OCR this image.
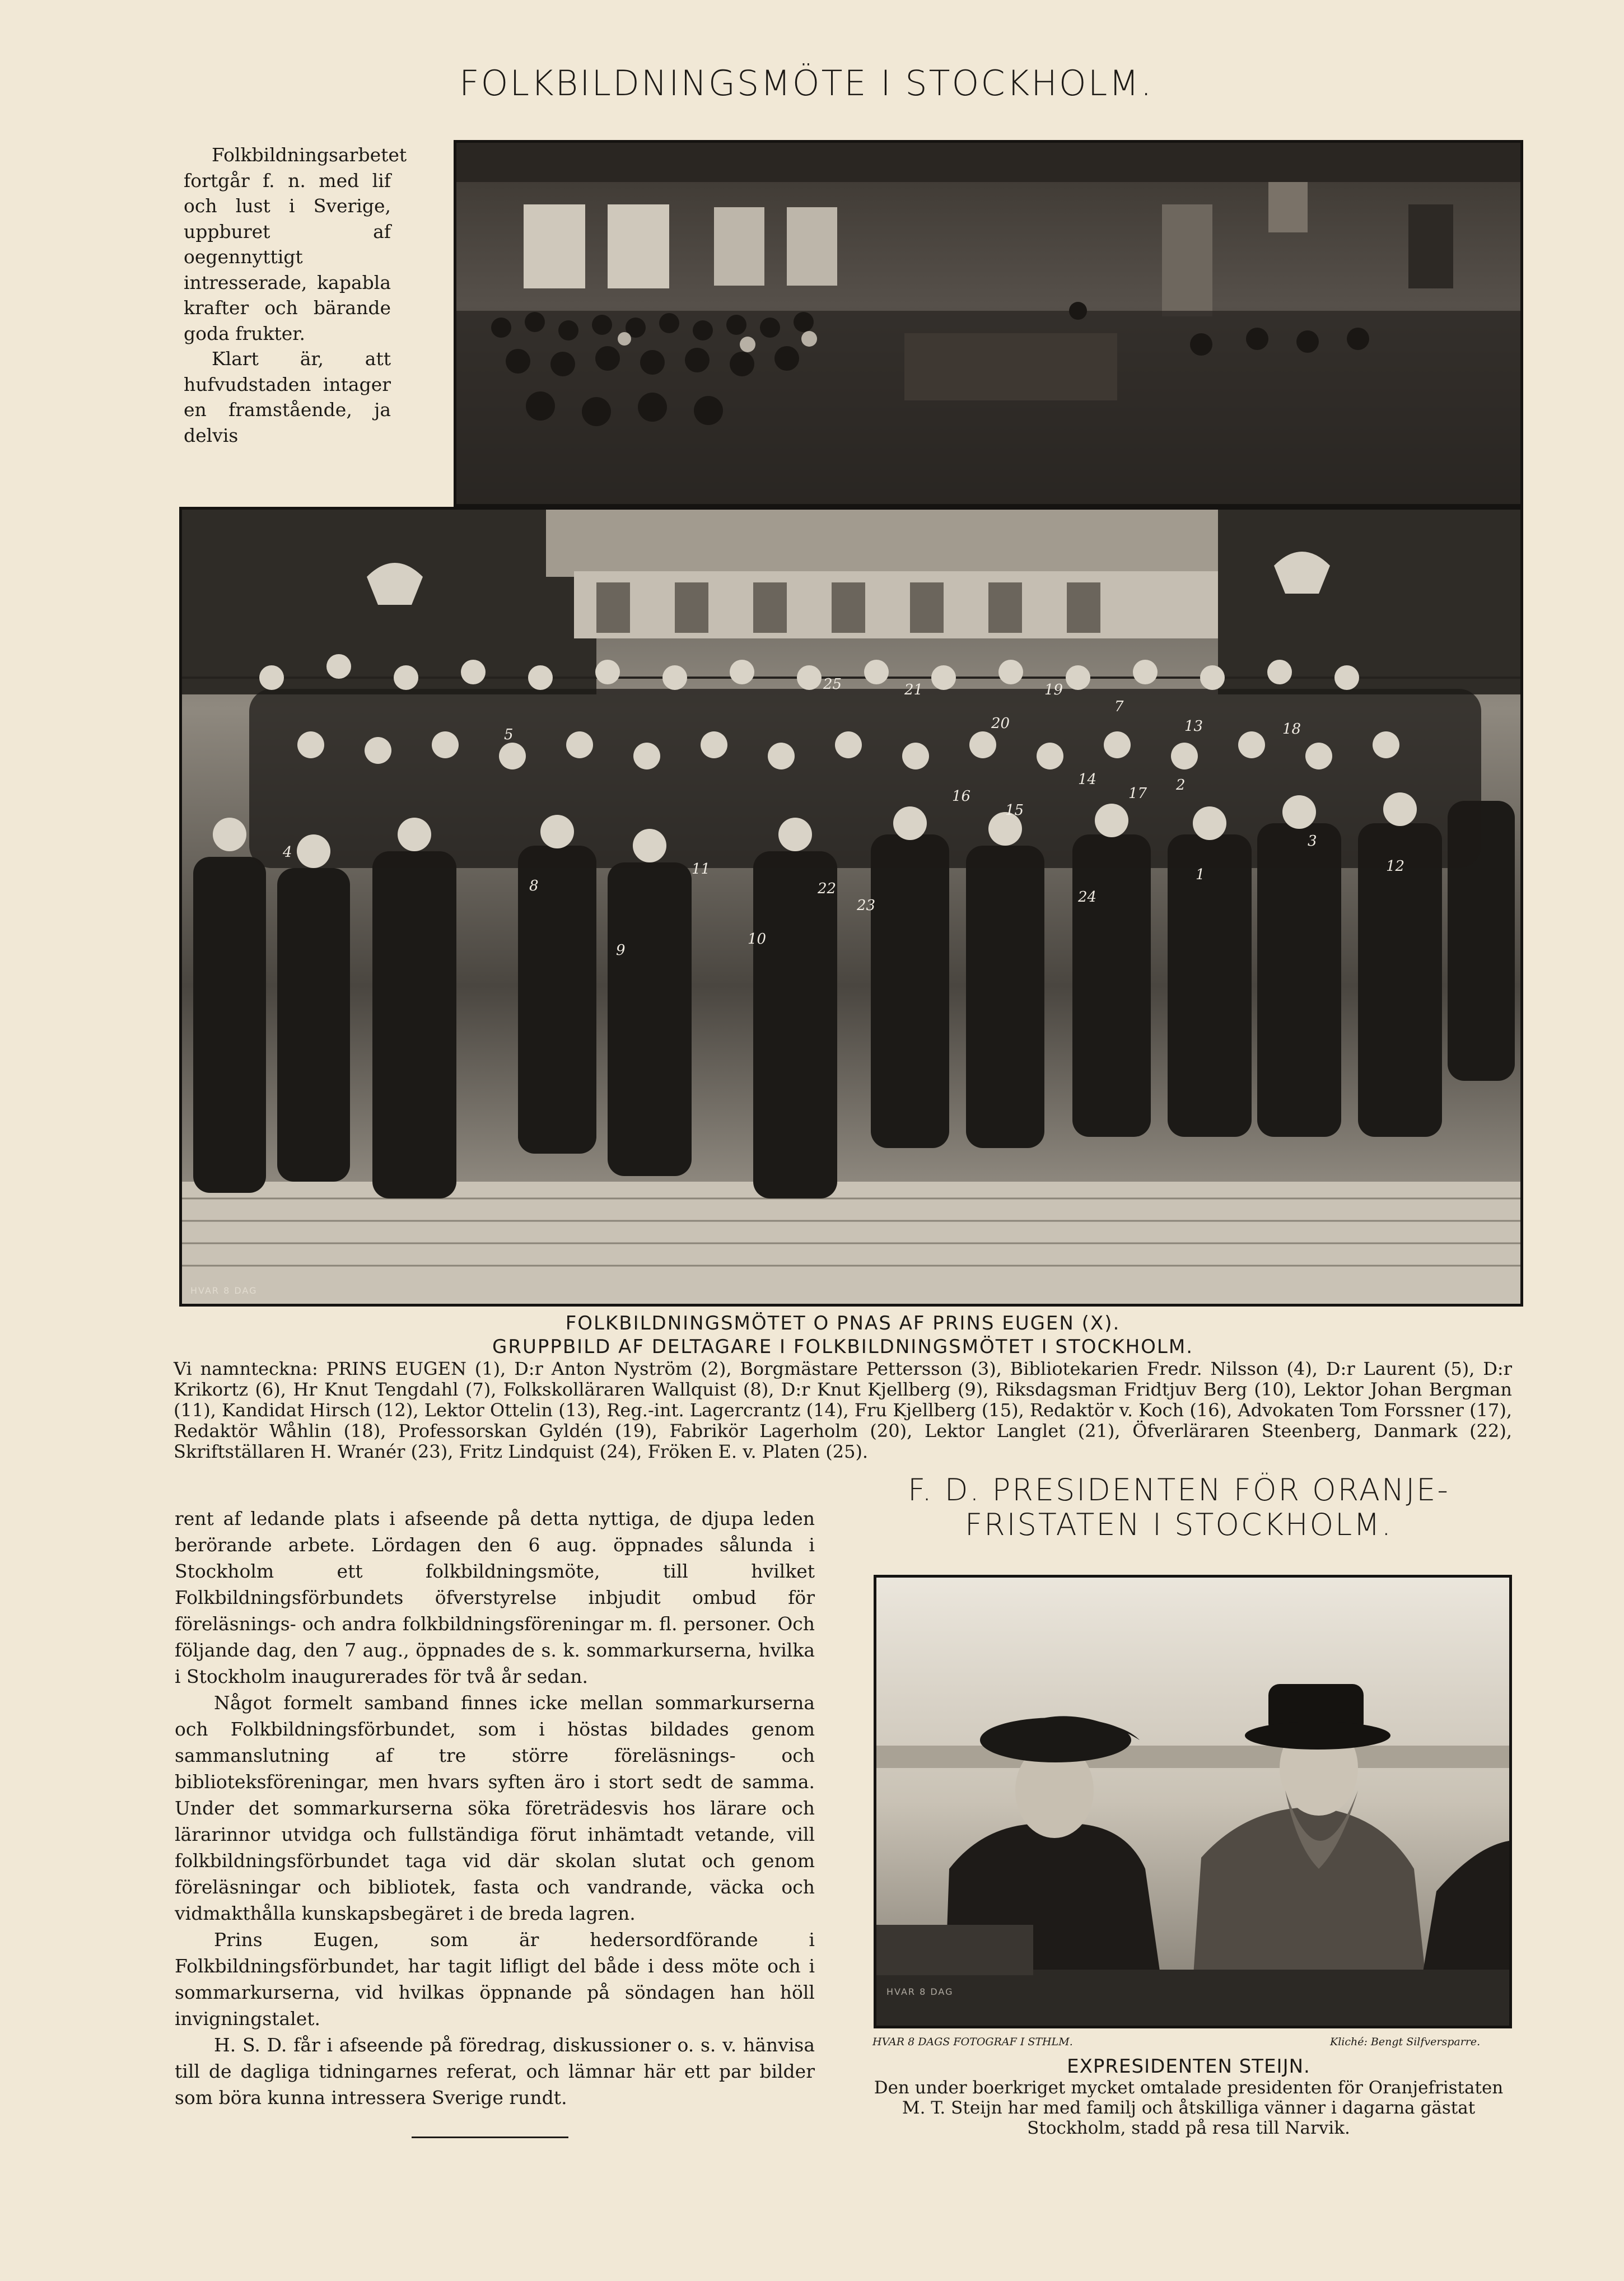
FOLKBILDNINGSMÖTE I STOCKHOLM.

Folkbildningsarbetet fortgår f. n. med lif och lust i Sverige, uppburet af oegennyttigt intresserade, kapabla krafter och bärande goda frukter.

Klart är, att hufvudstaden intager en framstående, ja delvis

1
2
3
4
5
7
8
9
10
11	12
13
14
15
16	17
18
19
20
21
22
23	24
25
HVAR 8 DAG
FOLKBILDNINGSMÖTET O PNAS AF PRINS EUGEN (X).
GRUPPBILD AF DELTAGARE I FOLKBILDNINGSMÖTET I STOCKHOLM.
Vi namnteckna: PRINS EUGEN (1), D:r Anton Nyström (2), Borgmästare Pettersson (3), Bibliotekarien Fredr. Nilsson (4), D:r Laurent (5), D:r Krikortz (6), Hr Knut Tengdahl (7), Folkskolläraren Wallquist (8), D:r Knut Kjellberg (9), Riksdagsman Fridtjuv Berg (10), Lektor Johan Bergman (11), Kandidat Hirsch (12), Lektor Ottelin (13), Reg.-int. Lagercrantz (14), Fru Kjellberg (15), Redaktör v. Koch (16), Advokaten Tom Forssner (17), Redaktör Wåhlin (18), Professorskan Gyldén (19), Fabrikör Lagerholm (20), Lektor Langlet (21), Öfverläraren Steenberg, Danmark (22), Skriftställaren H. Wranér (23), Fritz Lindquist (24), Fröken E. v. Platen (25).

rent af ledande plats i afseende på detta nyttiga, de djupa leden berörande arbete. Lördagen den 6 aug. öppnades sålunda i Stockholm ett folkbildningsmöte, till hvilket Folkbildningsförbundets öfverstyrelse inbjudit ombud för föreläsnings- och andra folkbildningsföreningar m. fl. personer. Och följande dag, den 7 aug., öppnades de s. k. sommarkurserna, hvilka i Stockholm inaugurerades för två år sedan.

Något formelt samband finnes icke mellan sommarkurserna och Folkbildningsförbundet, som i höstas bildades genom sammanslutning af tre större föreläsnings- och biblioteksföreningar, men hvars syften äro i stort sedt de samma. Under det sommarkurserna söka företrädesvis hos lärare och lärarinnor utvidga och fullständiga förut inhämtadt vetande, vill folkbildningsförbundet taga vid där skolan slutat och genom föreläsningar och bibliotek, fasta och vandrande, väcka och vidmakthålla kunskapsbegäret i de breda lagren.

Prins Eugen, som är hedersordförande i Folkbildningsförbundet, har tagit lifligt del både i dess möte och i sommarkurserna, vid hvilkas öppnande på söndagen han höll invigningstalet.

H. S. D. får i afseende på föredrag, diskussioner o. s. v. hänvisa till de dagliga tidningarnes referat, och lämnar här ett par bilder som böra kunna intressera Sverige rundt.

F. D. PRESIDENTEN FÖR ORANJE-FRISTATEN I STOCKHOLM.
HVAR 8 DAG
HVAR 8 DAGS FOTOGRAF I STHLM.	Kliché: Bengt Silfversparre.
EXPRESIDENTEN STEIJN.
Den under boerkriget mycket omtalade presidenten för Oranjefristaten M. T. Steijn har med familj och åtskilliga vänner i dagarna gästat Stockholm, stadd på resa till Narvik.
